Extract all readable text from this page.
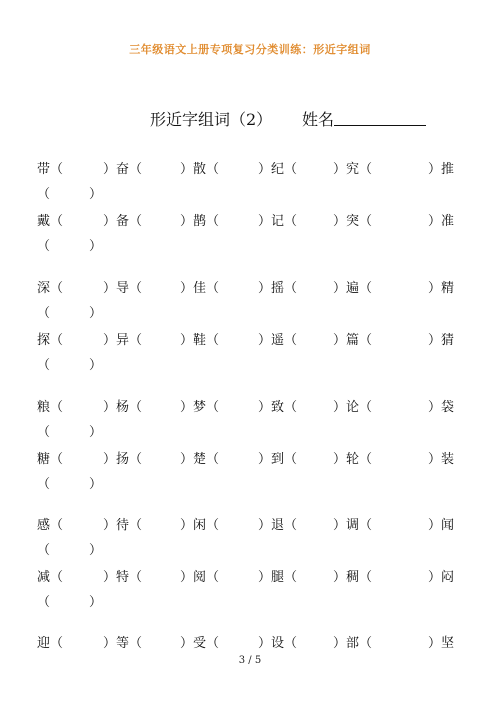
三年级语文上册专项复习分类训练：形近字组词
形近字组词（2） 姓名
带（	）奋（	）散（	）纪（	）究（	）推
（　　　）
戴（	）备（	）鹊（	）记（	）突（	）准
（　　　）
深（	）导（	）佳（	）摇（	）遍（	）精
（　　　）
探（	）异（	）鞋（	）遥（	）篇（	）猜
（　　　）
粮（	）杨（	）梦（	）致（	）论（	）袋
（　　　）
糖（	）扬（	）楚（	）到（	）轮（	）装
（　　　）
感（	）待（	）闲（	）退（	）调（	）闻
（　　　）
减（	）特（	）阅（	）腿（	）稠（	）闷
（　　　）
迎（	）等（	）受（	）设（	）部（	）坚
3 / 5
